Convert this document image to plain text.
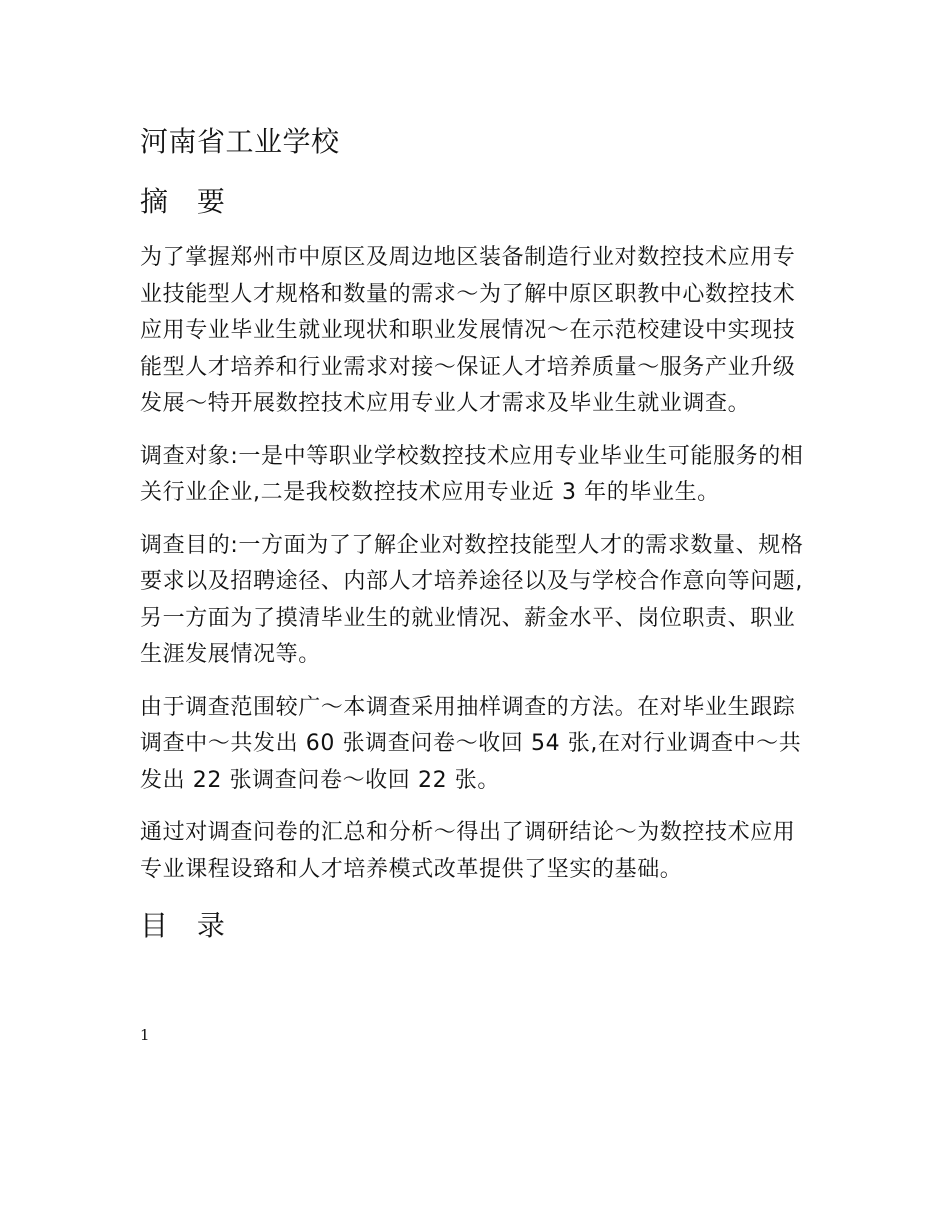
河南省工业学校
摘 要

为了掌握郑州市中原区及周边地区装备制造行业对数控技术应用专业技能型人才规格和数量的需求～为了解中原区职教中心数控技术应用专业毕业生就业现状和职业发展情况～在示范校建设中实现技能型人才培养和行业需求对接～保证人才培养质量～服务产业升级发展～特开展数控技术应用专业人才需求及毕业生就业调查。

调查对象:一是中等职业学校数控技术应用专业毕业生可能服务的相关行业企业,二是我校数控技术应用专业近 3 年的毕业生。

调查目的:一方面为了了解企业对数控技能型人才的需求数量、规格要求以及招聘途径、内部人才培养途径以及与学校合作意向等问题,另一方面为了摸清毕业生的就业情况、薪金水平、岗位职责、职业生涯发展情况等。

由于调查范围较广～本调查采用抽样调查的方法。在对毕业生跟踪调查中～共发出 60 张调查问卷～收回 54 张,在对行业调查中～共发出 22 张调查问卷～收回 22 张。

通过对调查问卷的汇总和分析～得出了调研结论～为数控技术应用专业课程设臵和人才培养模式改革提供了坚实的基础。

目 录
1
